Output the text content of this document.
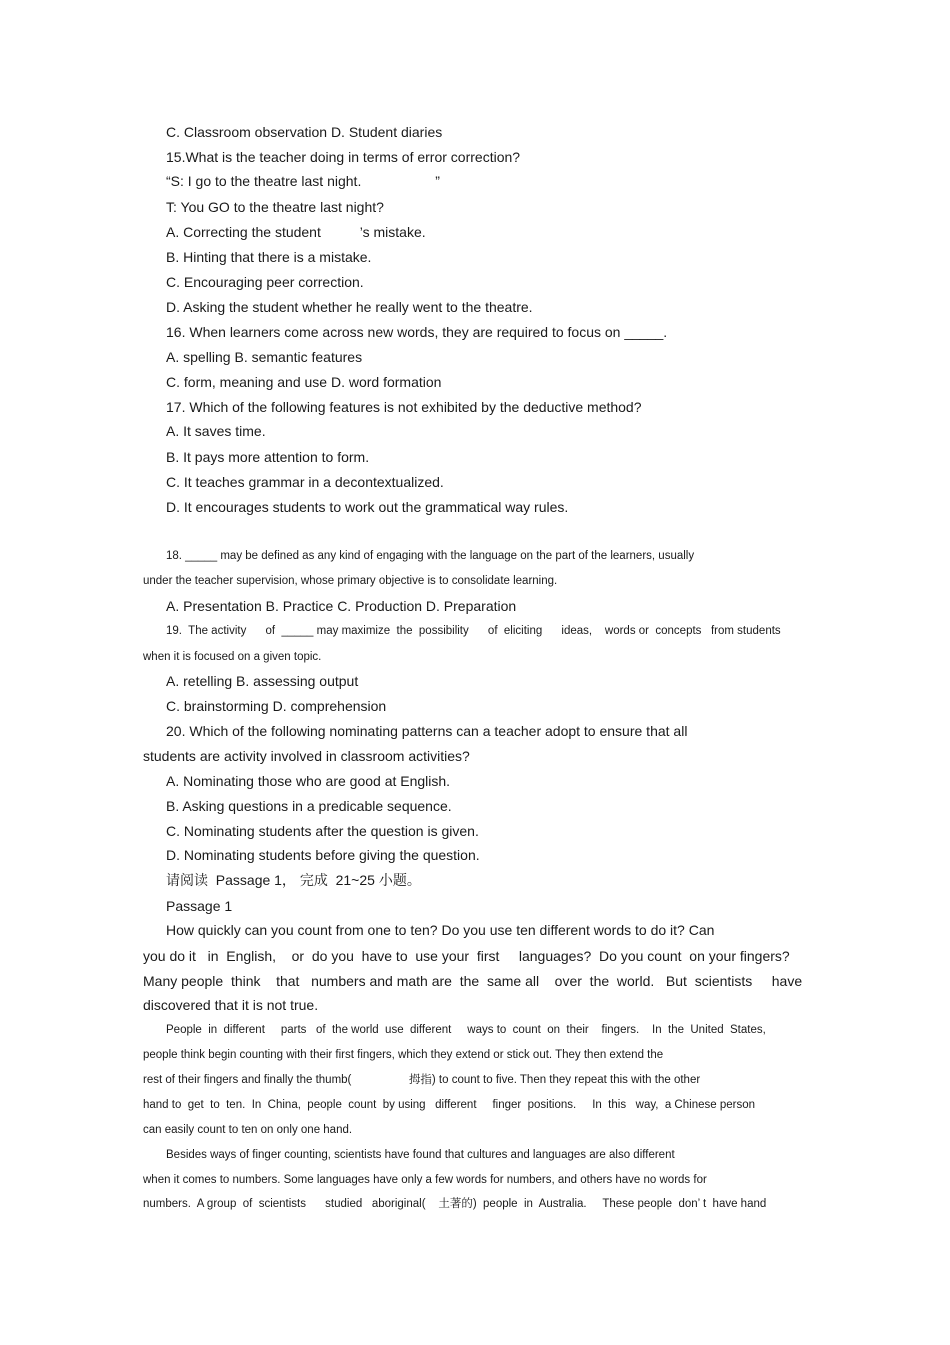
C. Classroom observation D. Student diaries
15.What is the teacher doing in terms of error correction?
“S: I go to the theatre last night.                   ”
T: You GO to the theatre last night?
A. Correcting the student          ’s mistake.
B. Hinting that there is a mistake.
C. Encouraging peer correction.
D. Asking the student whether he really went to the theatre.
16. When learners come across new words, they are required to focus on _____.
A. spelling B. semantic features
C. form, meaning and use D. word formation
17. Which of the following features is not exhibited by the deductive method?
A. It saves time.
B. It pays more attention to form.
C. It teaches grammar in a decontextualized.
D. It encourages students to work out the grammatical way rules.
18. _____ may be defined as any kind of engaging with the language on the part of the learners, usually
under the teacher supervision, whose primary objective is to consolidate learning.
A. Presentation B. Practice C. Production D. Preparation
19.  The activity      of  _____ may maximize  the  possibility      of  eliciting      ideas,    words or  concepts   from students
when it is focused on a given topic.
A. retelling B. assessing output
C. brainstorming D. comprehension
20. Which of the following nominating patterns can a teacher adopt to ensure that all
students are activity involved in classroom activities?
A. Nominating those who are good at English.
B. Asking questions in a predicable sequence.
C. Nominating students after the question is given.
D. Nominating students before giving the question.
请阅读  Passage 1， 完成  21~25 小题。
Passage 1
How quickly can you count from one to ten? Do you use ten different words to do it? Can
you do it   in  English,    or  do you  have to  use your  first     languages?  Do you count  on your fingers?
Many people  think    that   numbers and math are  the  same all    over  the  world.   But  scientists     have
discovered that it is not true.
People  in  different     parts   of  the world  use  different     ways to  count  on  their    fingers.    In  the  United  States,
people think begin counting with their first fingers, which they extend or stick out. They then extend the
rest of their fingers and finally the thumb(                  拇指) to count to five. Then they repeat this with the other
hand to  get  to  ten.  In  China,  people  count  by using   different     finger  positions.     In  this   way,  a Chinese person
can easily count to ten on only one hand.
Besides ways of finger counting, scientists have found that cultures and languages are also different
when it comes to numbers. Some languages have only a few words for numbers, and others have no words for
numbers.  A group  of  scientists      studied   aboriginal(    土著的)  people  in  Australia.     These people  don’ t  have hand
